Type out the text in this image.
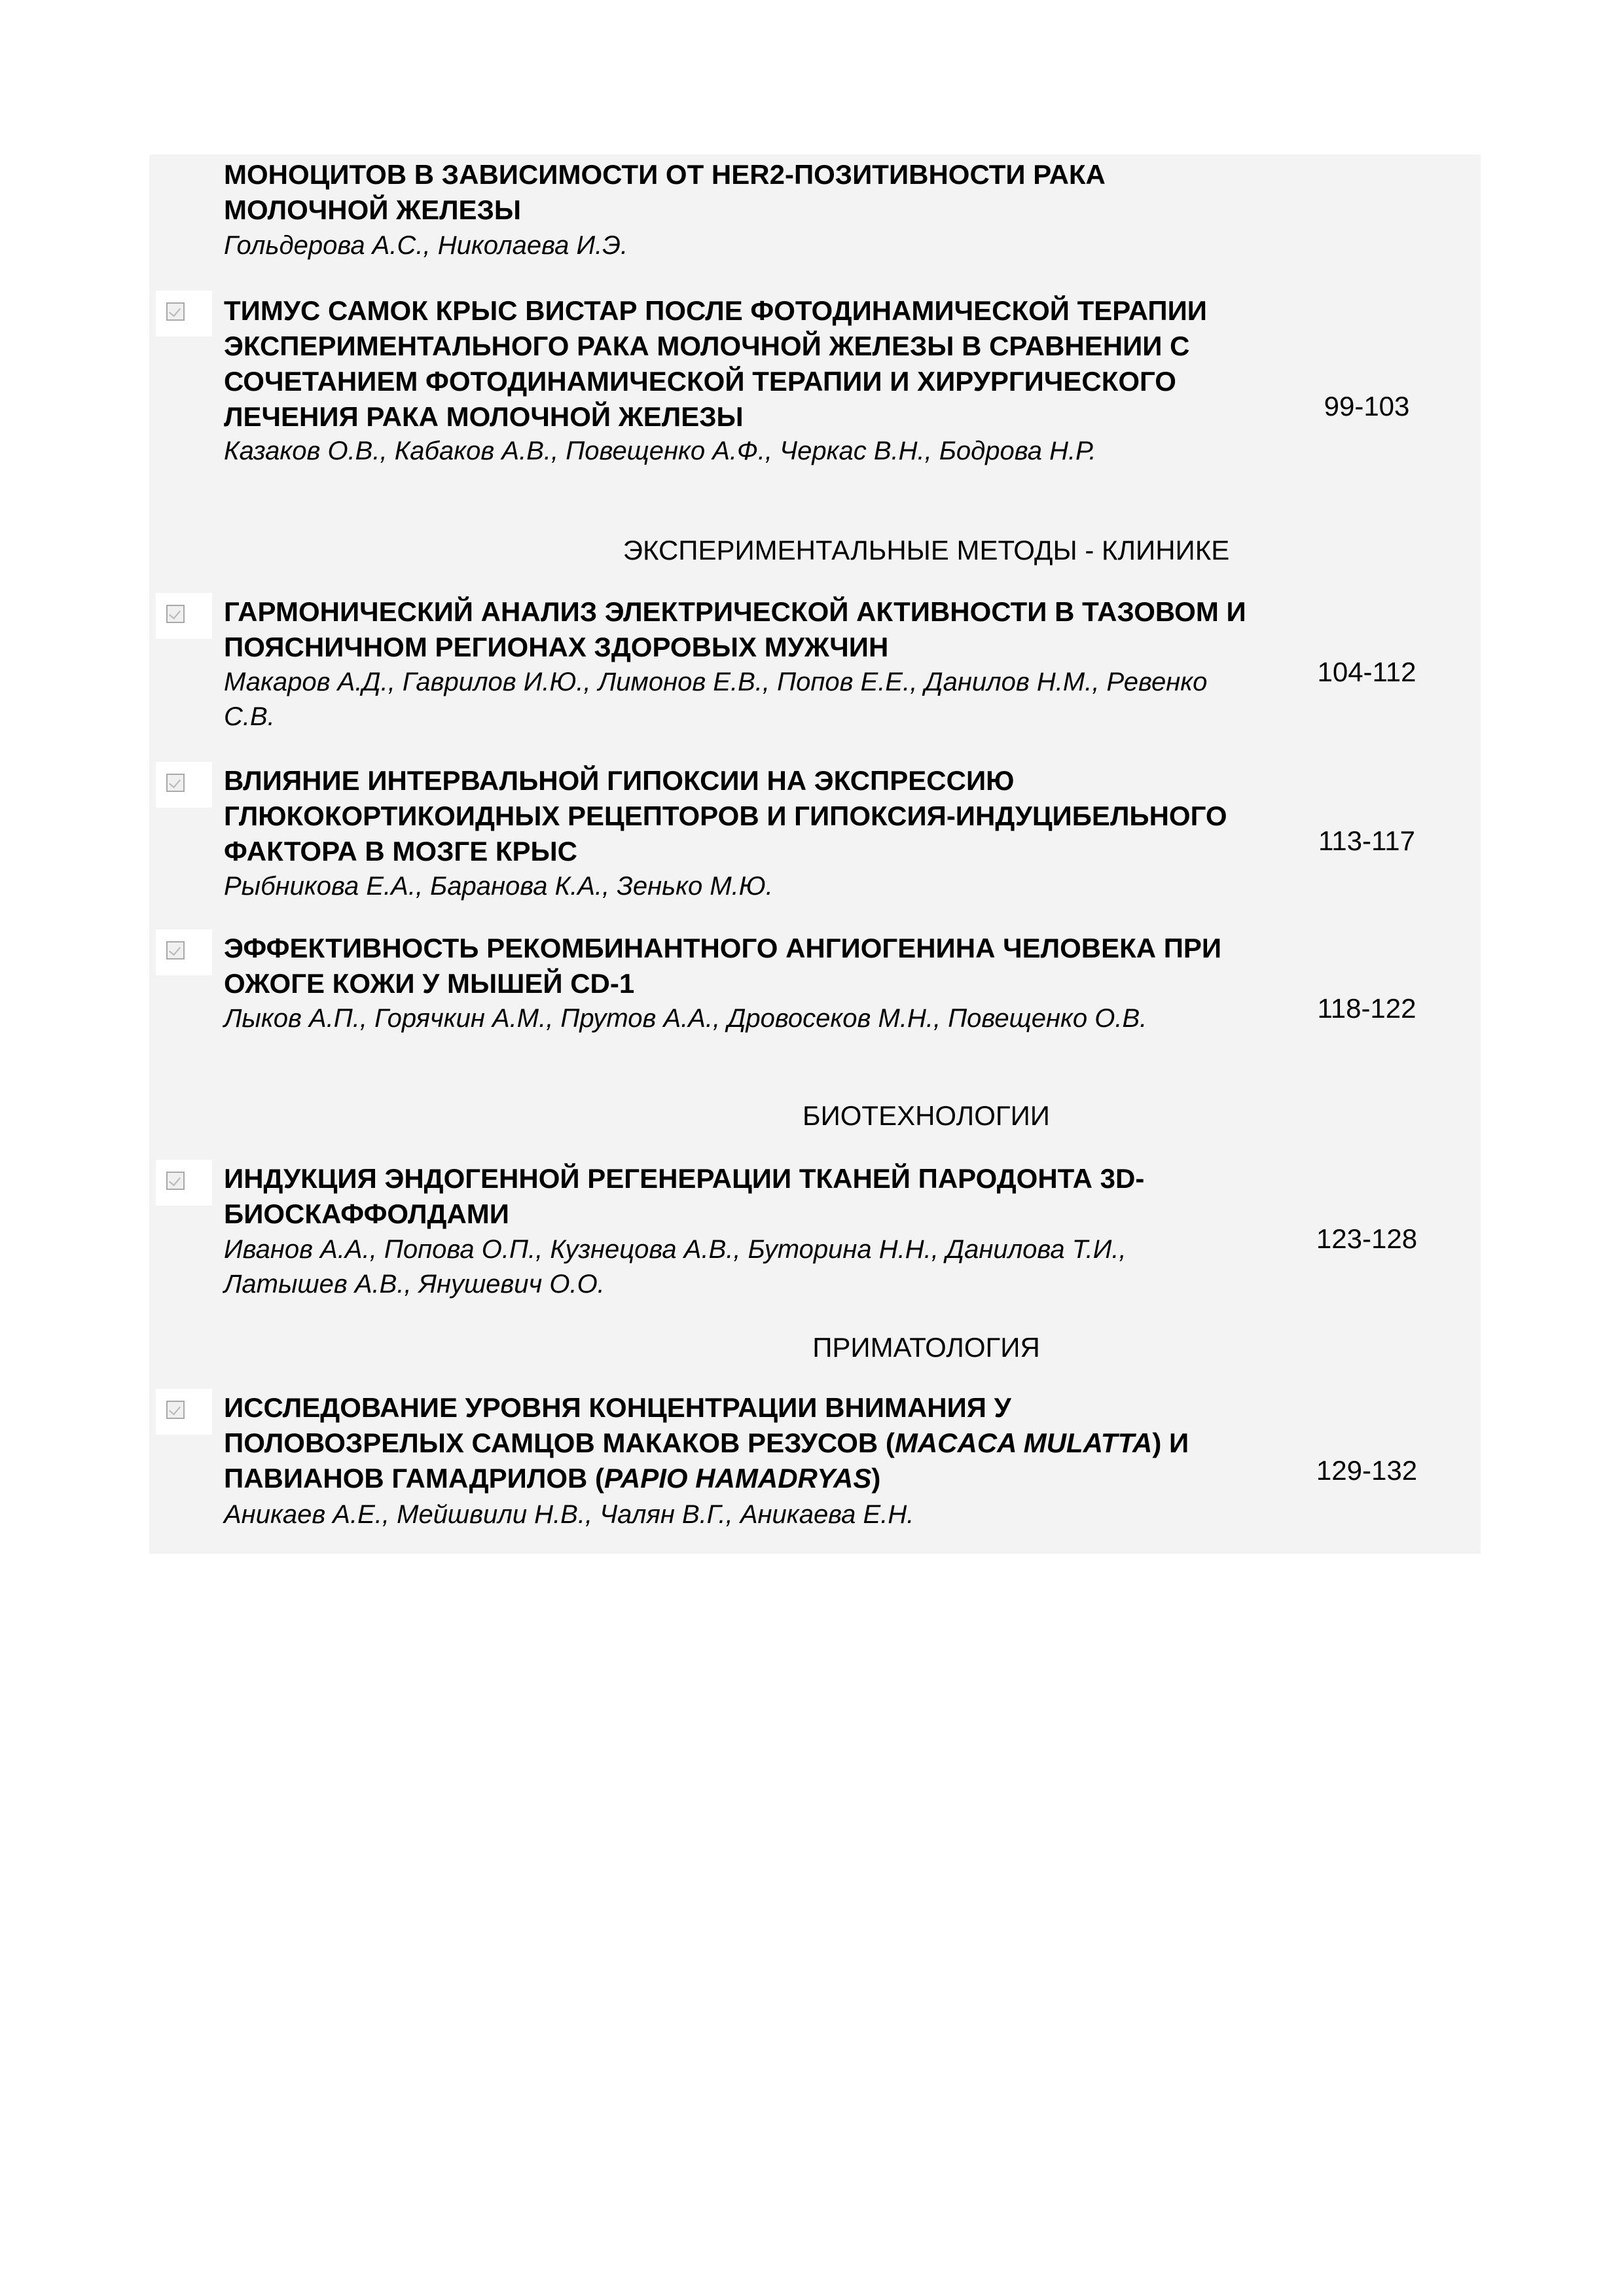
МОНОЦИТОВ В ЗАВИСИМОСТИ ОТ HER2-ПОЗИТИВНОСТИ РАКА МОЛОЧНОЙ ЖЕЛЕЗЫ

Гольдерова А.С., Николаева И.Э.

ТИМУС САМОК КРЫС ВИСТАР ПОСЛЕ ФОТОДИНАМИЧЕСКОЙ ТЕРАПИИ ЭКСПЕРИМЕНТАЛЬНОГО РАКА МОЛОЧНОЙ ЖЕЛЕЗЫ В СРАВНЕНИИ С СОЧЕТАНИЕМ ФОТОДИНАМИЧЕСКОЙ ТЕРАПИИ И ХИРУРГИЧЕСКОГО ЛЕЧЕНИЯ РАКА МОЛОЧНОЙ ЖЕЛЕЗЫ

Казаков О.В., Кабаков А.В., Повещенко А.Ф., Черкас В.Н., Бодрова Н.Р.

99-103
ЭКСПЕРИМЕНТАЛЬНЫЕ МЕТОДЫ - КЛИНИКЕ

ГАРМОНИЧЕСКИЙ АНАЛИЗ ЭЛЕКТРИЧЕСКОЙ АКТИВНОСТИ В ТАЗОВОМ И ПОЯСНИЧНОМ РЕГИОНАХ ЗДОРОВЫХ МУЖЧИН

Макаров А.Д., Гаврилов И.Ю., Лимонов Е.В., Попов Е.Е., Данилов Н.М., Ревенко С.В.

104-112

ВЛИЯНИЕ ИНТЕРВАЛЬНОЙ ГИПОКСИИ НА ЭКСПРЕССИЮ ГЛЮКОКОРТИКОИДНЫХ РЕЦЕПТОРОВ И ГИПОКСИЯ-ИНДУЦИБЕЛЬНОГО ФАКТОРА В МОЗГЕ КРЫС

Рыбникова Е.А., Баранова К.А., Зенько М.Ю.

113-117

ЭФФЕКТИВНОСТЬ РЕКОМБИНАНТНОГО АНГИОГЕНИНА ЧЕЛОВЕКА ПРИ ОЖОГЕ КОЖИ У МЫШЕЙ CD-1

Лыков А.П., Горячкин А.М., Прутов А.А., Дровосеков М.Н., Повещенко О.В.	118-122
БИОТЕХНОЛОГИИ

ИНДУКЦИЯ ЭНДОГЕННОЙ РЕГЕНЕРАЦИИ ТКАНЕЙ ПАРОДОНТА 3D-БИОСКАФФОЛДАМИ

Иванов А.А., Попова О.П., Кузнецова А.В., Буторина Н.Н., Данилова Т.И., Латышев А.В., Янушевич О.О.

123-128
ПРИМАТОЛОГИЯ

ИССЛЕДОВАНИЕ УРОВНЯ КОНЦЕНТРАЦИИ ВНИМАНИЯ У ПОЛОВОЗРЕЛЫХ САМЦОВ МАКАКОВ РЕЗУСОВ (MACACA MULATTA) И ПАВИАНОВ ГАМАДРИЛОВ (PAPIO HAMADRYAS)

Аникаев А.Е., Мейшвили Н.В., Чалян В.Г., Аникаева Е.Н.

129-132
